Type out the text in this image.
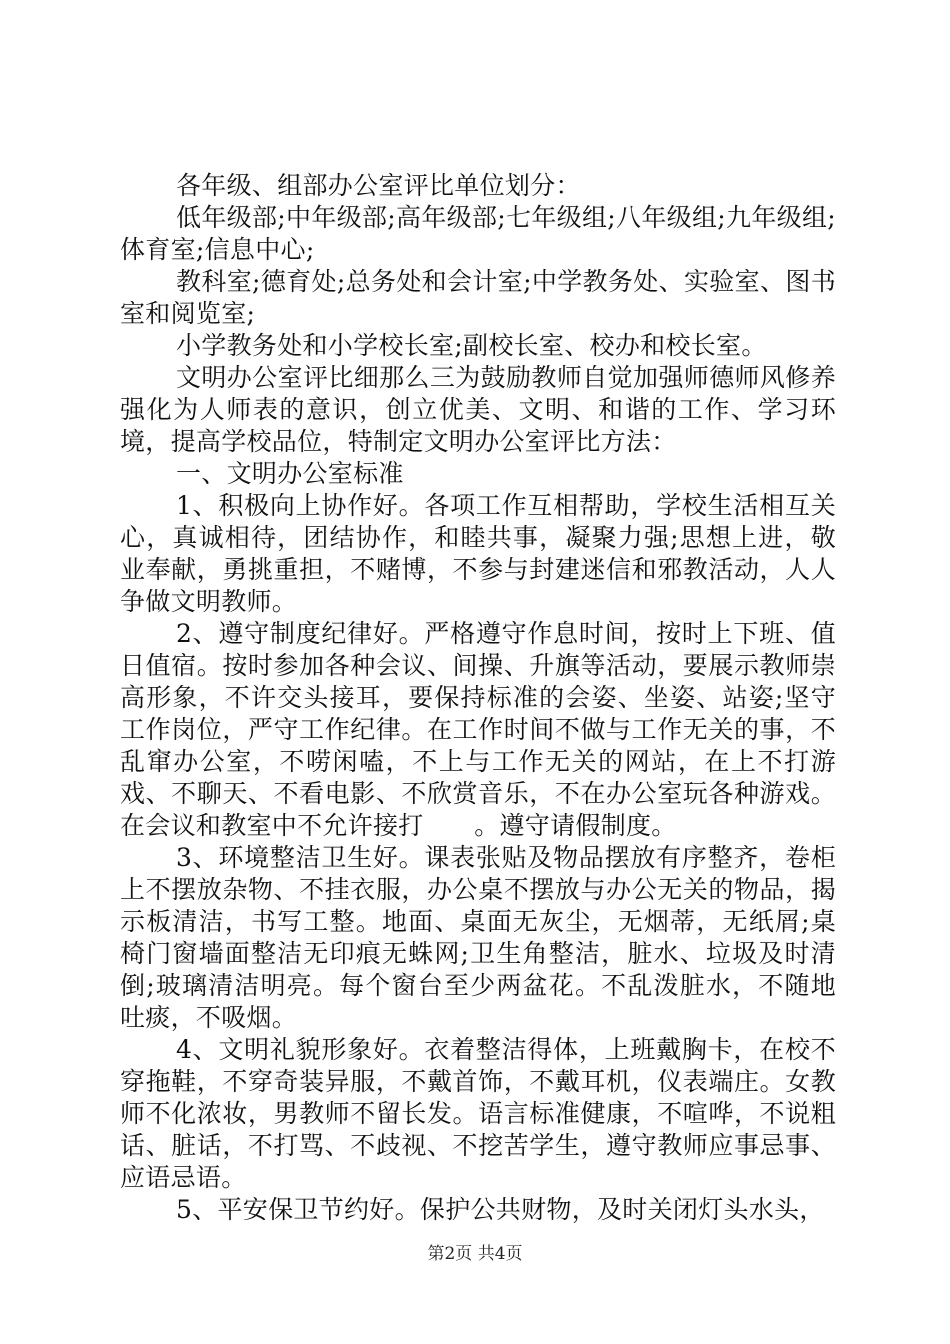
各年级、组部办公室评比单位划分：

低年级部;中年级部;高年级部;七年级组;八年级组;九年级组;体育室;信息中心;

教科室;德育处;总务处和会计室;中学教务处、实验室、图书室和阅览室;

小学教务处和小学校长室;副校长室、校办和校长室。

文明办公室评比细那么三为鼓励教师自觉加强师德师风修养强化为人师表的意识，创立优美、文明、和谐的工作、学习环境，提高学校品位，特制定文明办公室评比方法：

一、文明办公室标准

1、积极向上协作好。各项工作互相帮助，学校生活相互关心，真诚相待，团结协作，和睦共事，凝聚力强;思想上进，敬业奉献，勇挑重担，不赌博，不参与封建迷信和邪教活动，人人争做文明教师。

2、遵守制度纪律好。严格遵守作息时间，按时上下班、值日值宿。按时参加各种会议、间操、升旗等活动，要展示教师崇高形象，不许交头接耳，要保持标准的会姿、坐姿、站姿;坚守工作岗位，严守工作纪律。在工作时间不做与工作无关的事，不乱窜办公室，不唠闲嗑，不上与工作无关的网站，在上不打游戏、不聊天、不看电影、不欣赏音乐，不在办公室玩各种游戏。在会议和教室中不允许接打　　。遵守请假制度。

3、环境整洁卫生好。课表张贴及物品摆放有序整齐，卷柜上不摆放杂物、不挂衣服，办公桌不摆放与办公无关的物品，揭示板清洁，书写工整。地面、桌面无灰尘，无烟蒂，无纸屑;桌椅门窗墙面整洁无印痕无蛛网;卫生角整洁，脏水、垃圾及时清倒;玻璃清洁明亮。每个窗台至少两盆花。不乱泼脏水，不随地吐痰，不吸烟。

4、文明礼貌形象好。衣着整洁得体，上班戴胸卡，在校不穿拖鞋，不穿奇装异服，不戴首饰，不戴耳机，仪表端庄。女教师不化浓妆，男教师不留长发。语言标准健康，不喧哗，不说粗话、脏话，不打骂、不歧视、不挖苦学生，遵守教师应事忌事、应语忌语。

5、平安保卫节约好。保护公共财物，及时关闭灯头水头，

第2页 共4页
